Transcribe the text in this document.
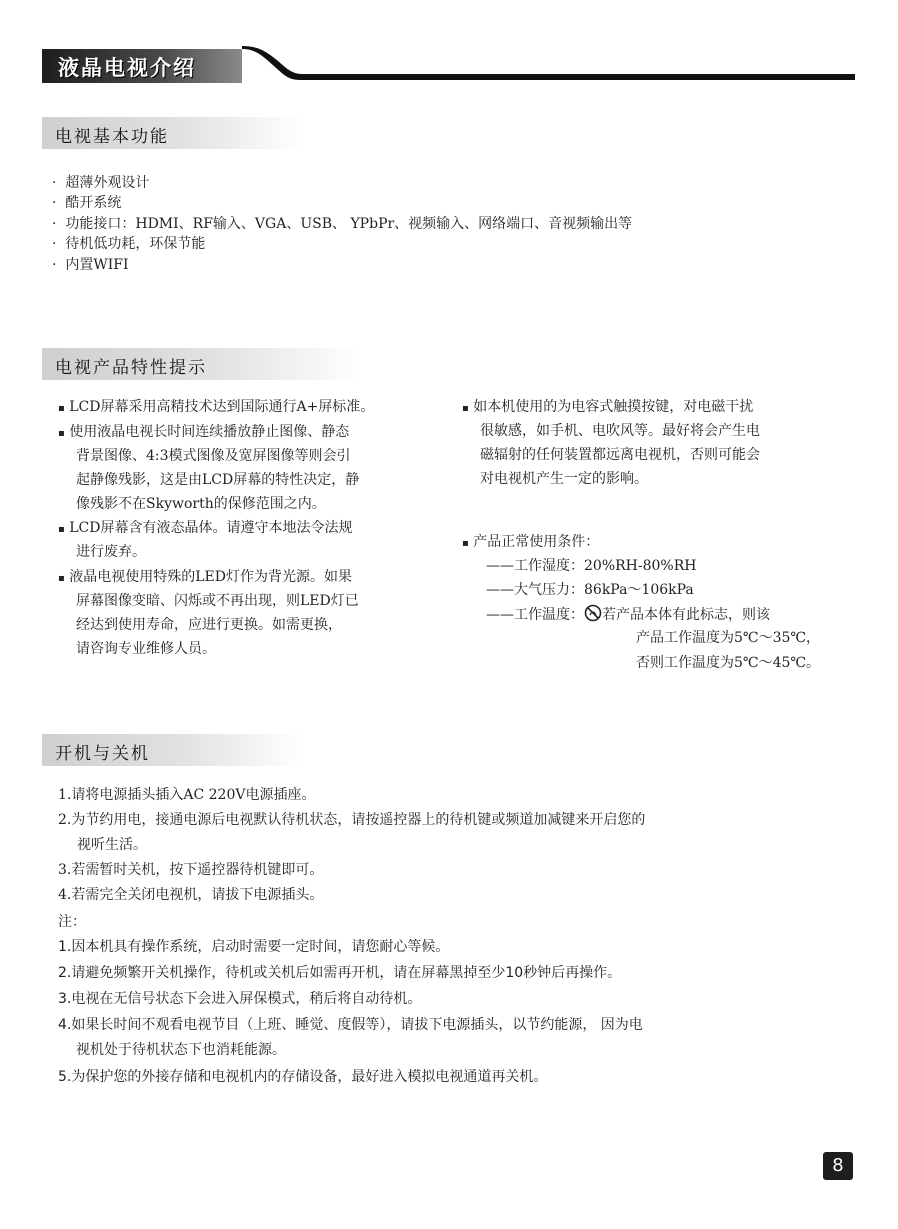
液晶电视介绍
电视基本功能
· 超薄外观设计
· 酷开系统
· 功能接口：HDMI、RF输入、VGA、USB、 YPbPr、视频输入、网络端口、音视频输出等
· 待机低功耗，环保节能
· 内置WIFI
电视产品特性提示
▪ LCD屏幕采用高精技术达到国际通行A+屏标准。
▪ 使用液晶电视长时间连续播放静止图像、静态
背景图像、4:3模式图像及宽屏图像等则会引
起静像残影，这是由LCD屏幕的特性决定，静
像残影不在Skyworth的保修范围之内。
▪ LCD屏幕含有液态晶体。请遵守本地法令法规
进行废弃。
▪ 液晶电视使用特殊的LED灯作为背光源。如果
屏幕图像变暗、闪烁或不再出现，则LED灯已
经达到使用寿命，应进行更换。如需更换，
请咨询专业维修人员。
▪ 如本机使用的为电容式触摸按键，对电磁干扰
很敏感，如手机、电吹风等。最好将会产生电
磁辐射的任何装置都远离电视机，否则可能会
对电视机产生一定的影响。
▪ 产品正常使用条件：
——工作湿度：20%RH-80%RH
——大气压力：86kPa～106kPa
——工作温度： 若产品本体有此标志，则该
产品工作温度为5℃～35℃，
否则工作温度为5℃～45℃。
开机与关机
1.请将电源插头插入AC 220V电源插座。
2.为节约用电，接通电源后电视默认待机状态，请按遥控器上的待机键或频道加减键来开启您的
视听生活。
3.若需暂时关机，按下遥控器待机键即可。
4.若需完全关闭电视机，请拔下电源插头。
注：
1.因本机具有操作系统，启动时需要一定时间，请您耐心等候。
2.请避免频繁开关机操作，待机或关机后如需再开机，请在屏幕黑掉至少10秒钟后再操作。
3.电视在无信号状态下会进入屏保模式，稍后将自动待机。
4.如果长时间不观看电视节目（上班、睡觉、度假等），请拔下电源插头，以节约能源， 因为电
视机处于待机状态下也消耗能源。
5.为保护您的外接存储和电视机内的存储设备，最好进入模拟电视通道再关机。
8
